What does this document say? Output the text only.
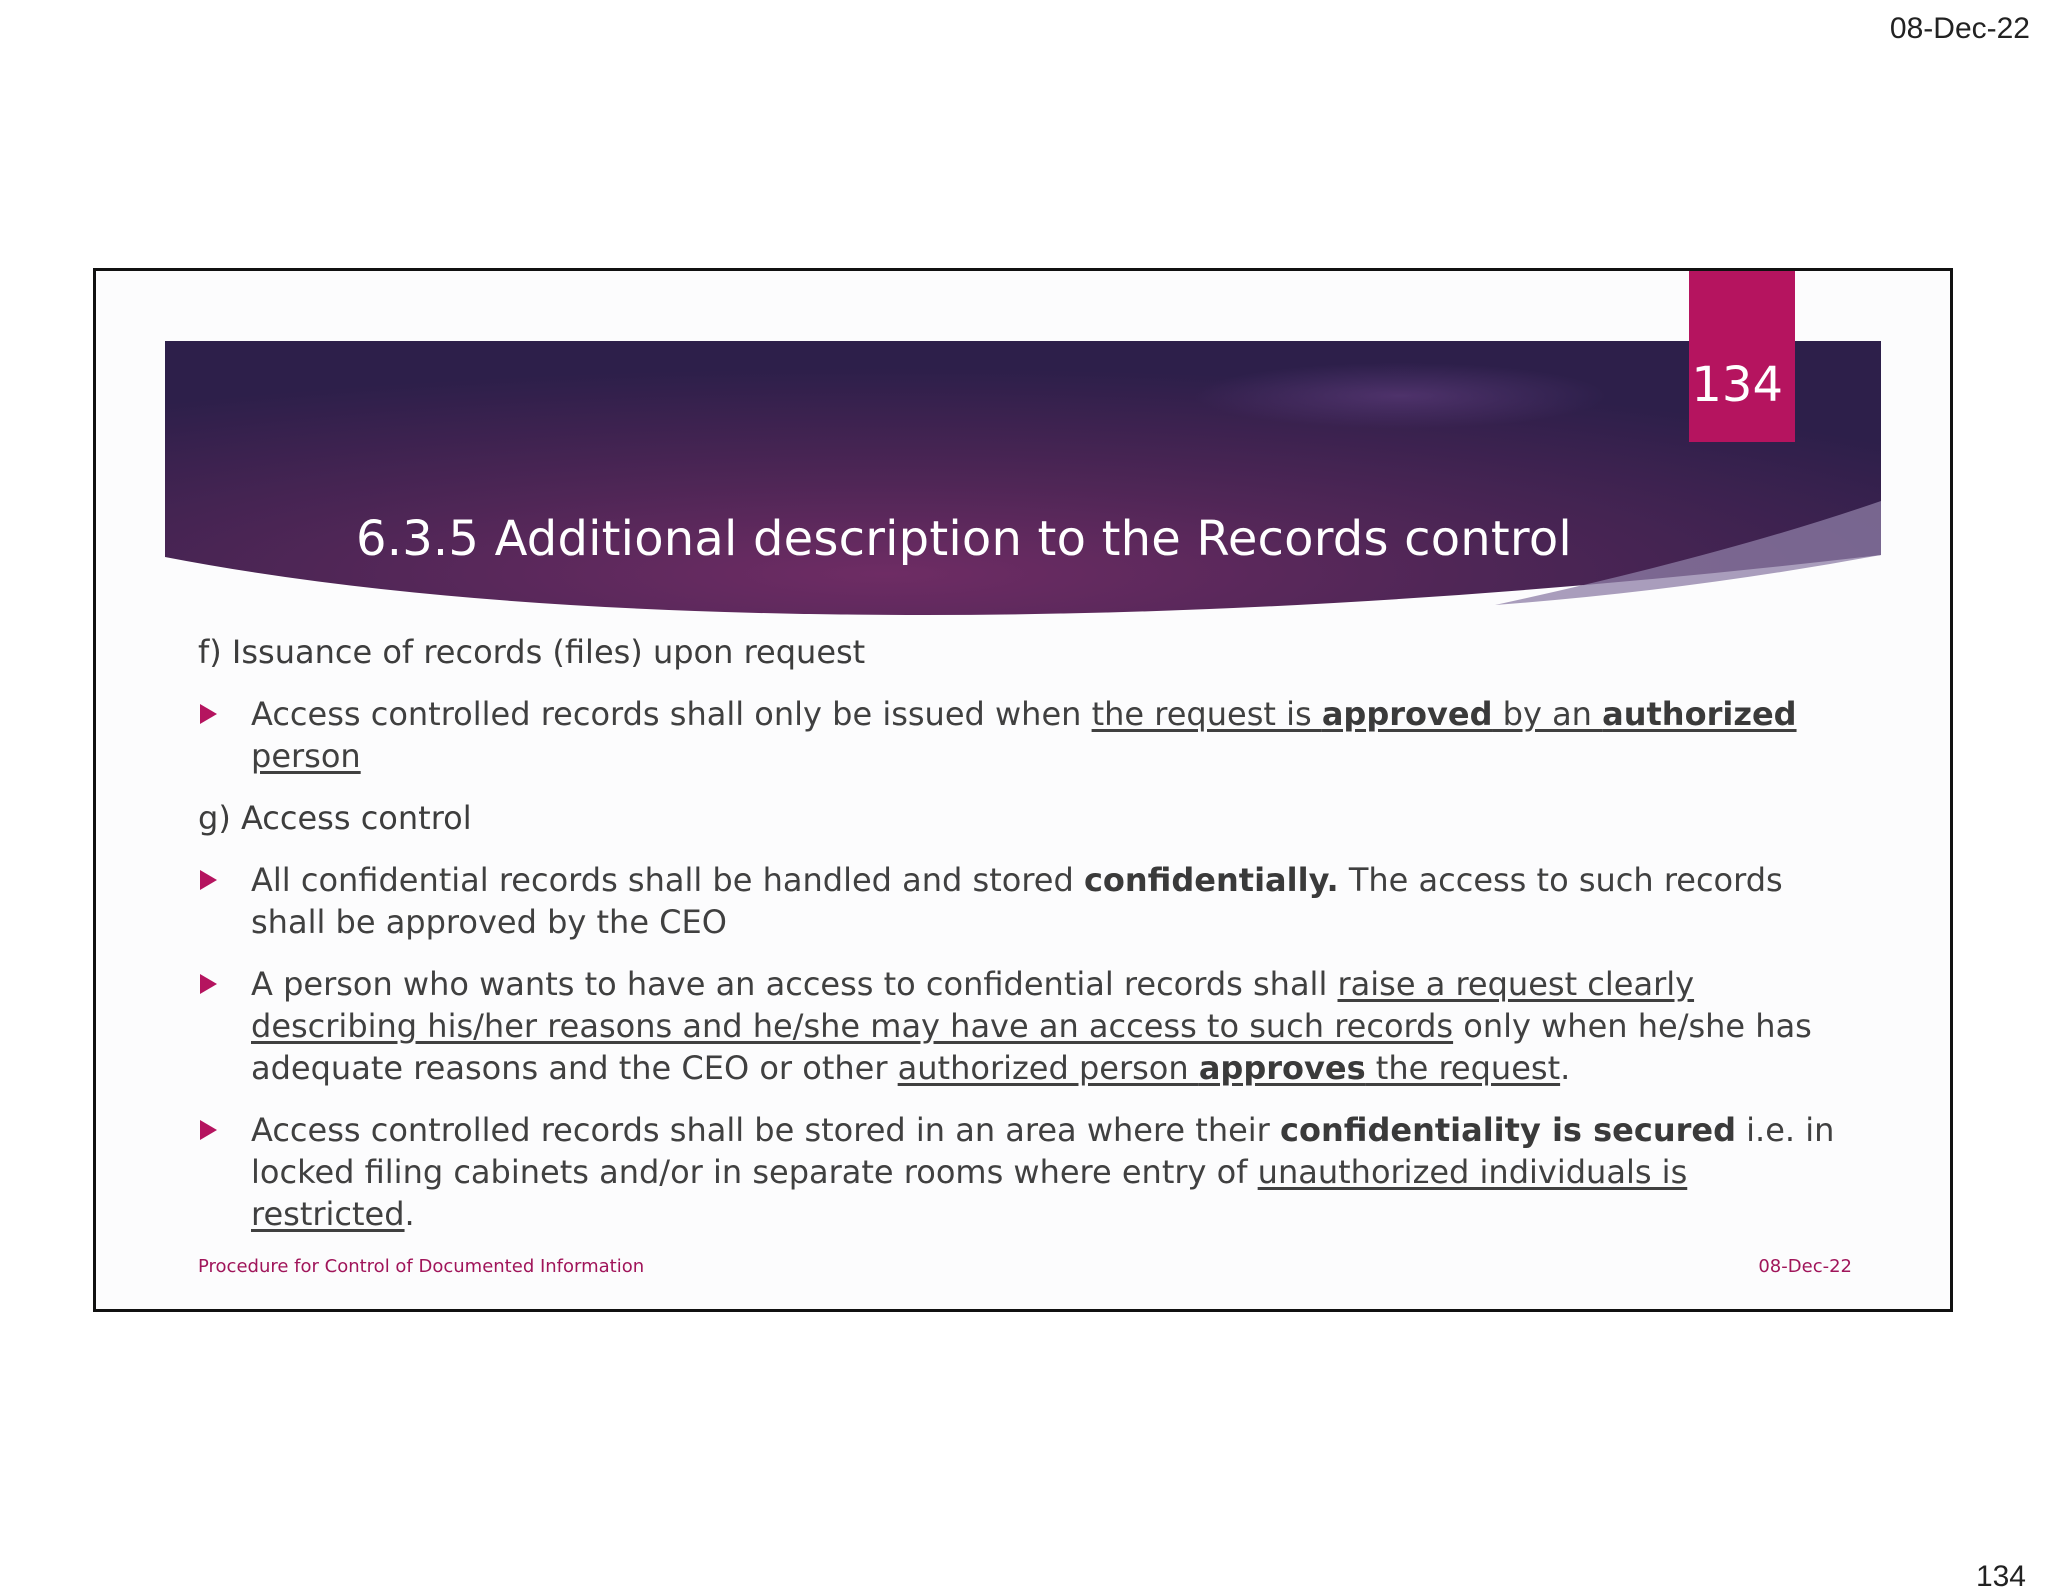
08-Dec-22
6.3.5 Additional description to the Records control
134
f) Issuance of records (files) upon request
Access controlled records shall only be issued when the request is approved by an authorized person
g) Access control
All confidential records shall be handled and stored confidentially. The access to such records shall be approved by the CEO
A person who wants to have an access to confidential records shall raise a request clearly describing his/her reasons and he/she may have an access to such records only when he/she has adequate reasons and the CEO or other authorized person approves the request.
Access controlled records shall be stored in an area where their confidentiality is secured i.e. in locked filing cabinets and/or in separate rooms where entry of unauthorized individuals is restricted.
Procedure for Control of Documented Information	08-Dec-22
134
